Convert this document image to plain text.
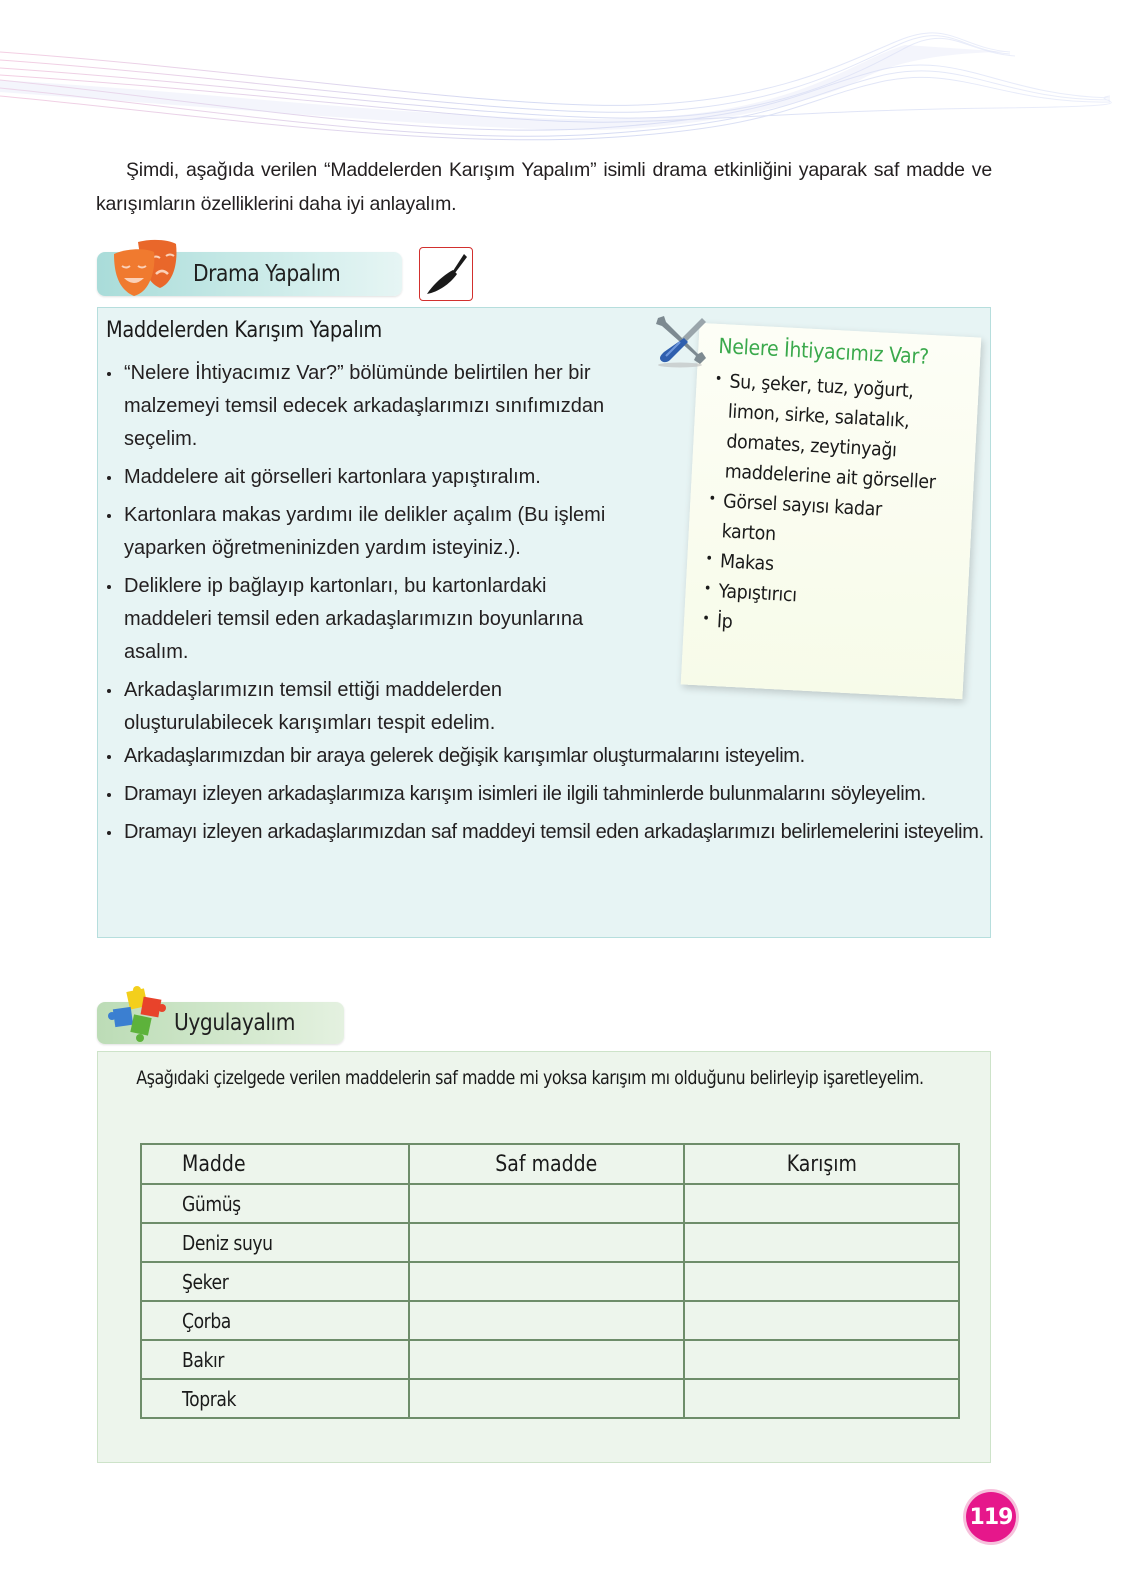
Şimdi, aşağıda verilen “Maddelerden Karışım Yapalım” isimli drama etkinliğini yaparak saf madde ve karışımların özelliklerini daha iyi anlayalım.

Drama Yapalım
Maddelerden Karışım Yapalım
“Nelere İhtiyacımız Var?” bölümünde belirtilen her bir malzemeyi temsil edecek arkadaşlarımızı sınıfımızdan seçelim.
Maddelere ait görselleri kartonlara yapıştıralım.
Kartonlara makas yardımı ile delikler açalım (Bu işlemi yaparken öğretmeninizden yardım isteyiniz.).
Deliklere ip bağlayıp kartonları, bu kartonlardaki maddeleri temsil eden arkadaşlarımızın boyunlarına asalım.
Arkadaşlarımızın temsil ettiği maddelerden oluşturulabilecek karışımları tespit edelim.
Arkadaşlarımızdan bir araya gelerek değişik karışımlar oluşturmalarını isteyelim.
Dramayı izleyen arkadaşlarımıza karışım isimleri ile ilgili tahminlerde bulunmalarını söyleyelim.
Dramayı izleyen arkadaşlarımızdan saf maddeyi temsil eden arkadaşlarımızı belirlemelerini isteyelim.
Nelere İhtiyacımız Var?
Su, şeker, tuz, yoğurt, limon, sirke, salatalık, domates, zeytinyağı maddelerine ait görseller
Görsel sayısı kadar karton
Makas
Yapıştırıcı
İp
Uygulayalım

Aşağıdaki çizelgede verilen maddelerin saf madde mi yoksa karışım mı olduğunu belirleyip işaretleyelim.

Madde	Saf madde	Karışım
Gümüş		
Deniz suyu		
Şeker		
Çorba		
Bakır		
Toprak		
119
